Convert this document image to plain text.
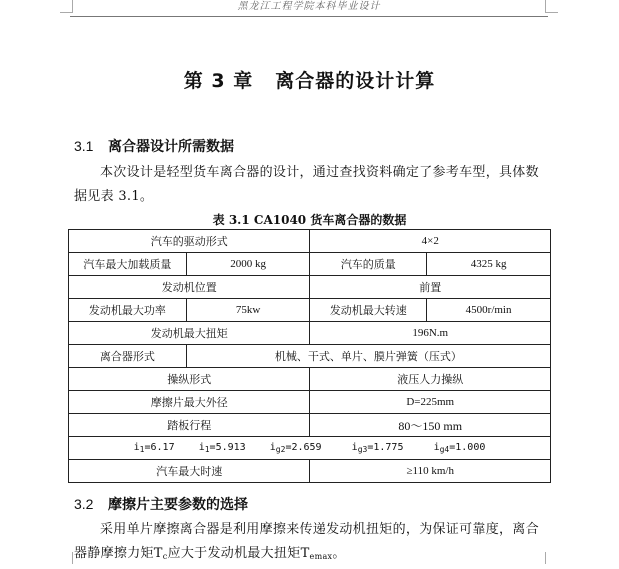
黑龙江工程学院本科毕业设计
第 3 章 离合器的设计计算
3.1 离合器设计所需数据
本次设计是轻型货车离合器的设计，通过查找资料确定了参考车型，具体数据见表 3.1。
表 3.1 CA1040 货车离合器的数据
汽车的驱动形式		4×2	
汽车最大加载质量	2000 kg	汽车的质量	4325 kg
发动机位置		前置	
发动机最大功率	75kw	发动机最大转速	4500r/min
发动机最大扭矩		196N.m	
离合器形式	机械、干式、单片、膜片弹簧（压式）		
操纵形式		液压人力操纵	
摩擦片最大外径		D=225mm	
踏板行程		80～150 mm	
$i_1=6.17$ $i_1=5.913$ $i_{g2}=2.659$ $i_{g3}=1.775$ $i_{g4}=1.000$			
汽车最大时速		≥110 km/h	
3.2 摩擦片主要参数的选择
采用单片摩擦离合器是利用摩擦来传递发动机扭矩的，为保证可靠度，离合器静摩擦力矩$T_c$应大于发动机最大扭矩$T_{emax}$。
